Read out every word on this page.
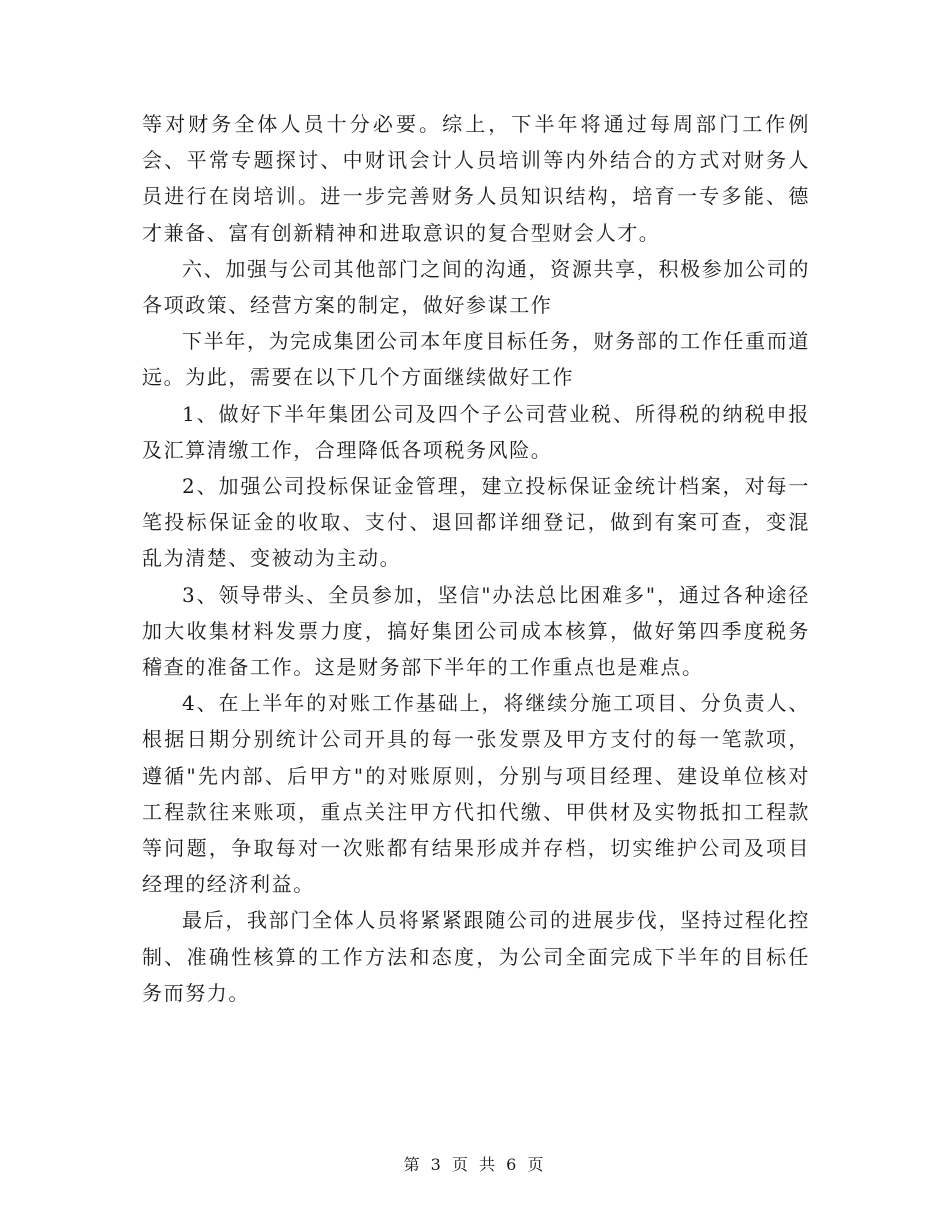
等对财务全体人员十分必要。综上，下半年将通过每周部门工作例会、平常专题探讨、中财讯会计人员培训等内外结合的方式对财务人员进行在岗培训。进一步完善财务人员知识结构，培育一专多能、德才兼备、富有创新精神和进取意识的复合型财会人才。

六、加强与公司其他部门之间的沟通，资源共享，积极参加公司的各项政策、经营方案的制定，做好参谋工作

下半年，为完成集团公司本年度目标任务，财务部的工作任重而道远。为此，需要在以下几个方面继续做好工作

1、做好下半年集团公司及四个子公司营业税、所得税的纳税申报及汇算清缴工作，合理降低各项税务风险。

2、加强公司投标保证金管理，建立投标保证金统计档案，对每一笔投标保证金的收取、支付、退回都详细登记，做到有案可查，变混乱为清楚、变被动为主动。

3、领导带头、全员参加，坚信"办法总比困难多"，通过各种途径加大收集材料发票力度，搞好集团公司成本核算，做好第四季度税务稽查的准备工作。这是财务部下半年的工作重点也是难点。

4、在上半年的对账工作基础上，将继续分施工项目、分负责人、根据日期分别统计公司开具的每一张发票及甲方支付的每一笔款项，遵循"先内部、后甲方"的对账原则，分别与项目经理、建设单位核对工程款往来账项，重点关注甲方代扣代缴、甲供材及实物抵扣工程款等问题，争取每对一次账都有结果形成并存档，切实维护公司及项目经理的经济利益。

最后，我部门全体人员将紧紧跟随公司的进展步伐，坚持过程化控制、准确性核算的工作方法和态度，为公司全面完成下半年的目标任务而努力。

第 3 页 共 6 页
